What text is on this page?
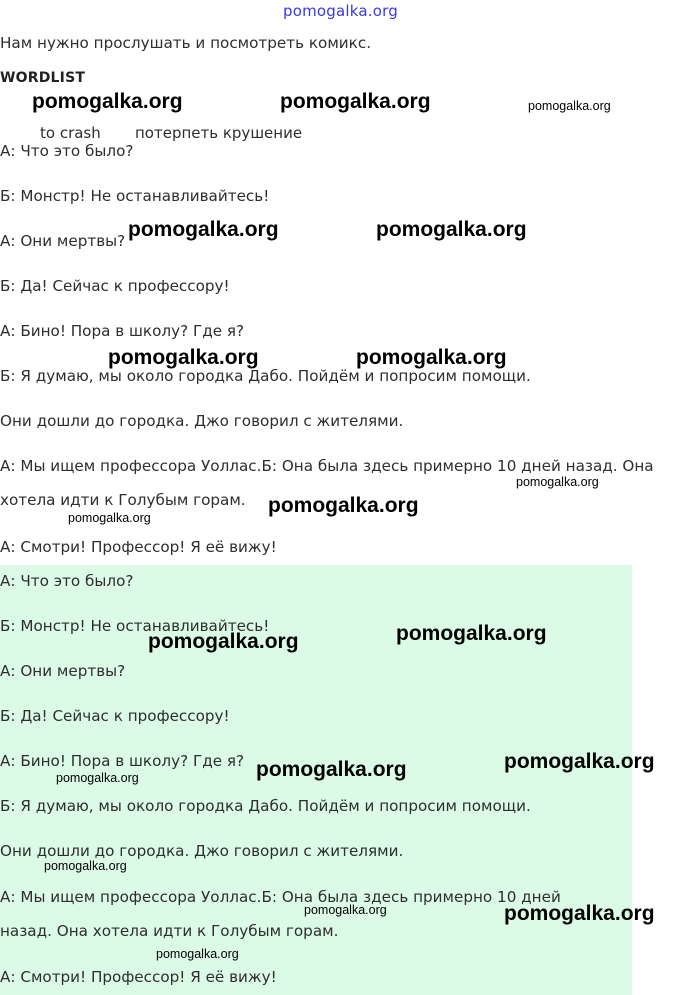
pomogalka.org

Нам нужно прослушать и посмотреть комикс.

WORDLIST
to crash потерпеть крушение

А: Что это было?

Б: Монстр! Не останавливайтесь!

А: Они мертвы?

Б: Да! Сейчас к профессору!

А: Бино! Пора в школу? Где я?

Б: Я думаю, мы около городка Дабо. Пойдём и попросим помощи.

Они дошли до городка. Джо говорил с жителями.

А: Мы ищем профессора Уоллас.Б: Она была здесь примерно 10 дней назад. Она хотела идти к Голубым горам.

А: Смотри! Профессор! Я её вижу!

А: Что это было?

Б: Монстр! Не останавливайтесь!

А: Они мертвы?

Б: Да! Сейчас к профессору!

А: Бино! Пора в школу? Где я?

Б: Я думаю, мы около городка Дабо. Пойдём и попросим помощи.

Они дошли до городка. Джо говорил с жителями.

А: Мы ищем профессора Уоллас.Б: Она была здесь примерно 10 дней назад. Она хотела идти к Голубым горам.

А: Смотри! Профессор! Я её вижу!

pomogalka.org	pomogalka.org	pomogalka.org
pomogalka.org	pomogalka.org
pomogalka.org	pomogalka.org
pomogalka.org
pomogalka.org
pomogalka.org
pomogalka.org	pomogalka.org
pomogalka.org	pomogalka.org
pomogalka.org
pomogalka.org
pomogalka.org	pomogalka.org
pomogalka.org
